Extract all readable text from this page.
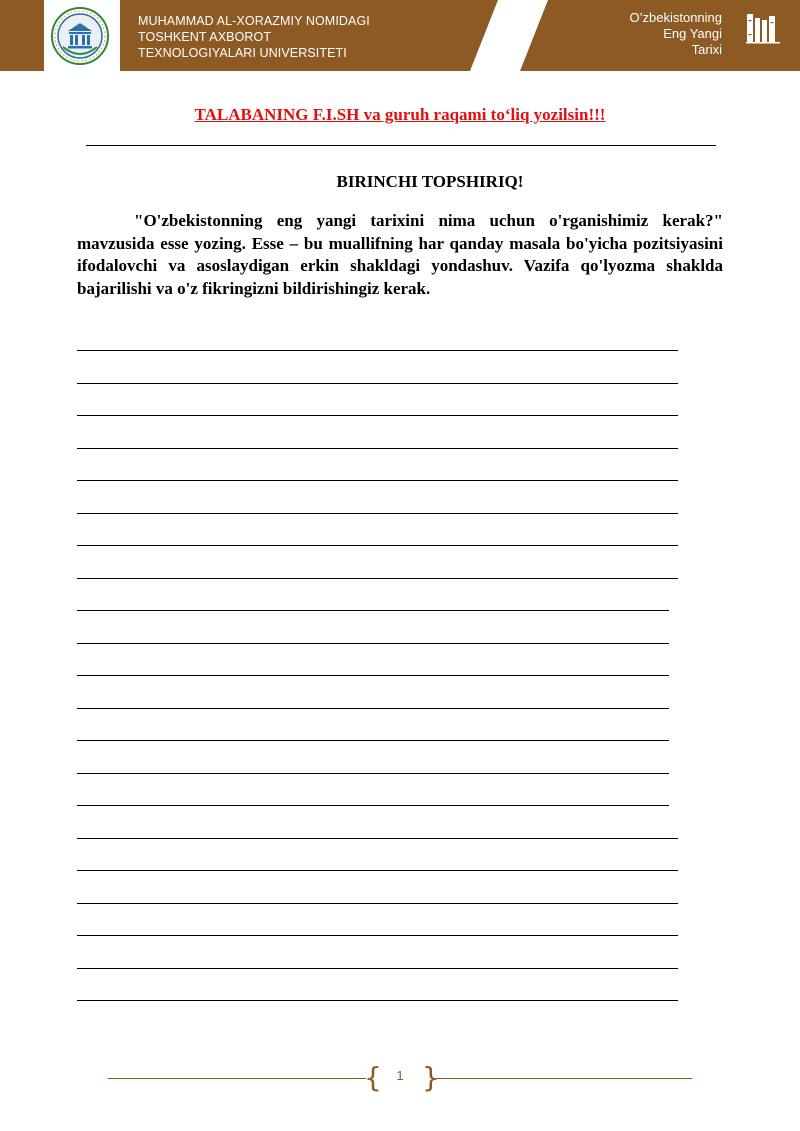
MUHAMMAD AL-XORAZMIY NOMIDAGI
TOSHKENT AXBOROT
TEXNOLOGIYALARI UNIVERSITETI
O’zbekistonning
Eng Yangi
Tarixi
TALABANING F.I.SH va guruh raqami to‘liq yozilsin!!!
BIRINCHI TOPSHIRIQ!
"O'zbekistonning eng yangi tarixini nima uchun o'rganishimiz kerak?" mavzusida esse yozing. Esse – bu muallifning har qanday masala bo'yicha pozitsiyasini ifodalovchi va asoslaydigan erkin shakldagi yondashuv. Vazifa qo'lyozma shaklda bajarilishi va o'z fikringizni bildirishingiz kerak.
{	1 }
